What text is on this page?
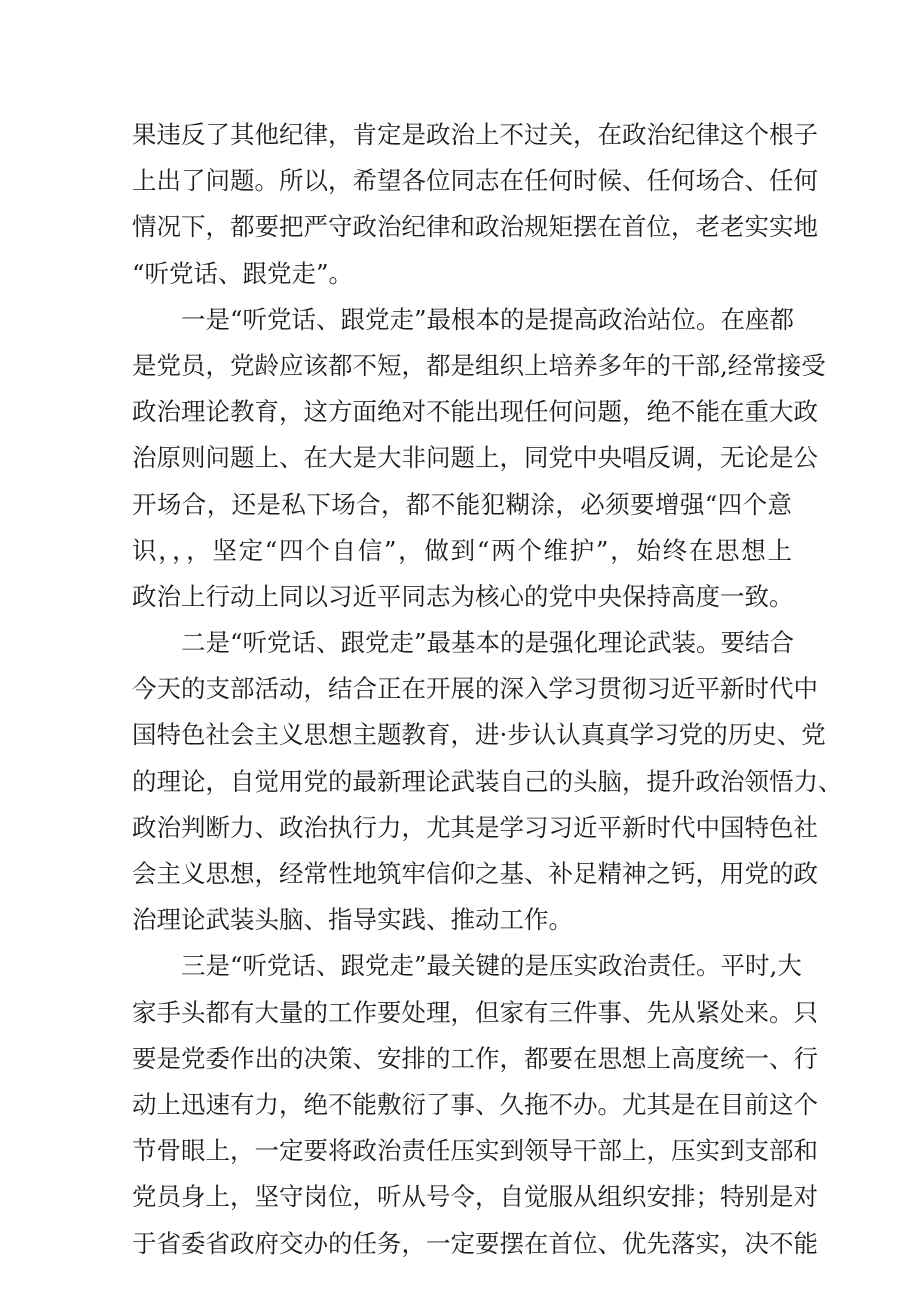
果违反了其他纪律，肯定是政治上不过关，在政治纪律这个根子
上出了问题。所以，希望各位同志在任何时候、任何场合、任何
情况下，都要把严守政治纪律和政治规矩摆在首位，老老实实地
“听党话、跟党走”。
一是“听党话、跟党走”最根本的是提高政治站位。在座都
是党员，党龄应该都不短，都是组织上培养多年的干部,经常接受
政治理论教育，这方面绝对不能出现任何问题，绝不能在重大政
治原则问题上、在大是大非问题上，同党中央唱反调，无论是公
开场合，还是私下场合，都不能犯糊涂，必须要增强“四个意
识，，，坚定“四个自信”，做到“两个维护”，始终在思想上
政治上行动上同以习近平同志为核心的党中央保持高度一致。
二是“听党话、跟党走”最基本的是强化理论武装。要结合
今天的支部活动，结合正在开展的深入学习贯彻习近平新时代中
国特色社会主义思想主题教育，进·步认认真真学习党的历史、党
的理论，自觉用党的最新理论武装自己的头脑，提升政治领悟力、
政治判断力、政治执行力，尤其是学习习近平新时代中国特色社
会主义思想，经常性地筑牢信仰之基、补足精神之钙，用党的政
治理论武装头脑、指导实践、推动工作。
三是“听党话、跟党走”最关键的是压实政治责任。平时,大
家手头都有大量的工作要处理，但家有三件事、先从紧处来。只
要是党委作出的决策、安排的工作，都要在思想上高度统一、行
动上迅速有力，绝不能敷衍了事、久拖不办。尤其是在目前这个
节骨眼上，一定要将政治责任压实到领导干部上，压实到支部和
党员身上，坚守岗位，听从号令，自觉服从组织安排；特别是对
于省委省政府交办的任务，一定要摆在首位、优先落实，决不能
